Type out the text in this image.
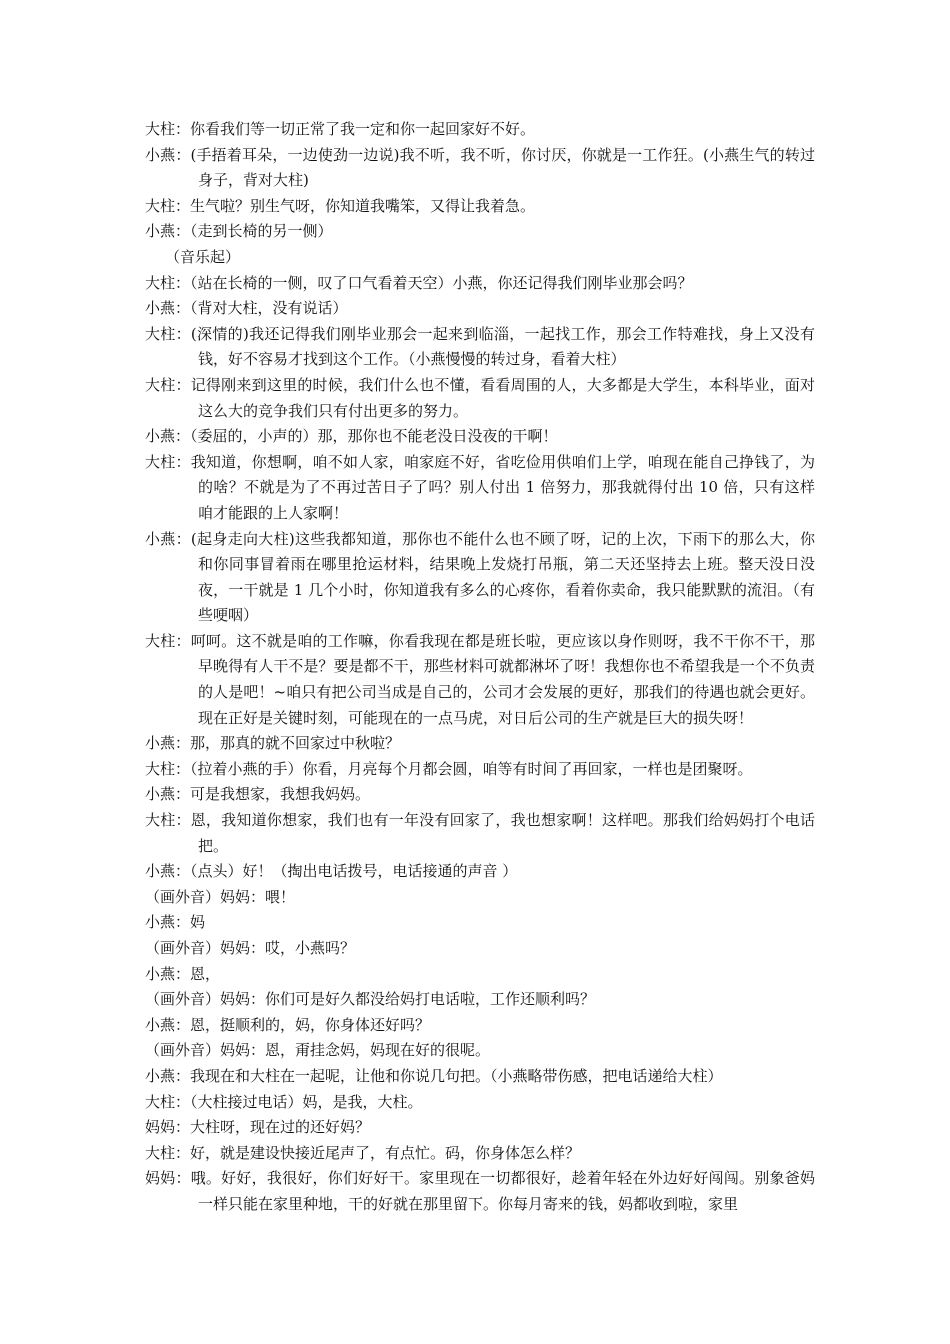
大柱：你看我们等一切正常了我一定和你一起回家好不好。

小燕：(手捂着耳朵，一边使劲一边说)我不听，我不听，你讨厌，你就是一工作狂。(小燕生气的转过身子，背对大柱)

大柱：生气啦？别生气呀，你知道我嘴笨，又得让我着急。

小燕：（走到长椅的另一侧）

（音乐起）

大柱：（站在长椅的一侧，叹了口气看着天空）小燕，你还记得我们刚毕业那会吗？

小燕：（背对大柱，没有说话）

大柱：(深情的)我还记得我们刚毕业那会一起来到临淄，一起找工作，那会工作特难找，身上又没有钱，好不容易才找到这个工作。（小燕慢慢的转过身，看着大柱）

大柱：记得刚来到这里的时候，我们什么也不懂，看看周围的人，大多都是大学生，本科毕业，面对这么大的竞争我们只有付出更多的努力。

小燕：（委屈的，小声的）那，那你也不能老没日没夜的干啊！

大柱：我知道，你想啊，咱不如人家，咱家庭不好，省吃俭用供咱们上学，咱现在能自己挣钱了，为的啥？不就是为了不再过苦日子了吗？别人付出 1 倍努力，那我就得付出 10 倍，只有这样咱才能跟的上人家啊！

小燕：(起身走向大柱)这些我都知道，那你也不能什么也不顾了呀，记的上次，下雨下的那么大，你和你同事冒着雨在哪里抢运材料，结果晚上发烧打吊瓶，第二天还坚持去上班。整天没日没夜，一干就是 1 几个小时，你知道我有多么的心疼你，看着你卖命，我只能默默的流泪。（有些哽咽）

大柱：呵呵。这不就是咱的工作嘛，你看我现在都是班长啦，更应该以身作则呀，我不干你不干，那早晚得有人干不是？要是都不干，那些材料可就都淋坏了呀！我想你也不希望我是一个不负责的人是吧！~咱只有把公司当成是自己的，公司才会发展的更好，那我们的待遇也就会更好。现在正好是关键时刻，可能现在的一点马虎，对日后公司的生产就是巨大的损失呀！

小燕：那，那真的就不回家过中秋啦？

大柱：（拉着小燕的手）你看，月亮每个月都会圆，咱等有时间了再回家，一样也是团聚呀。

小燕：可是我想家，我想我妈妈。

大柱：恩，我知道你想家，我们也有一年没有回家了，我也想家啊！这样吧。那我们给妈妈打个电话把。

小燕：（点头）好！（掏出电话拨号，电话接通的声音 ）

（画外音）妈妈：喂！

小燕：妈

（画外音）妈妈：哎，小燕吗？

小燕：恩，

（画外音）妈妈：你们可是好久都没给妈打电话啦，工作还顺利吗？

小燕：恩，挺顺利的，妈，你身体还好吗？

（画外音）妈妈：恩，甭挂念妈，妈现在好的很呢。

小燕：我现在和大柱在一起呢，让他和你说几句把。（小燕略带伤感，把电话递给大柱）

大柱：（大柱接过电话）妈，是我，大柱。

妈妈：大柱呀，现在过的还好妈？

大柱：好，就是建设快接近尾声了，有点忙。码，你身体怎么样？

妈妈：哦。好好，我很好，你们好好干。家里现在一切都很好，趁着年轻在外边好好闯闯。别象爸妈一样只能在家里种地，干的好就在那里留下。你每月寄来的钱，妈都收到啦，家里
